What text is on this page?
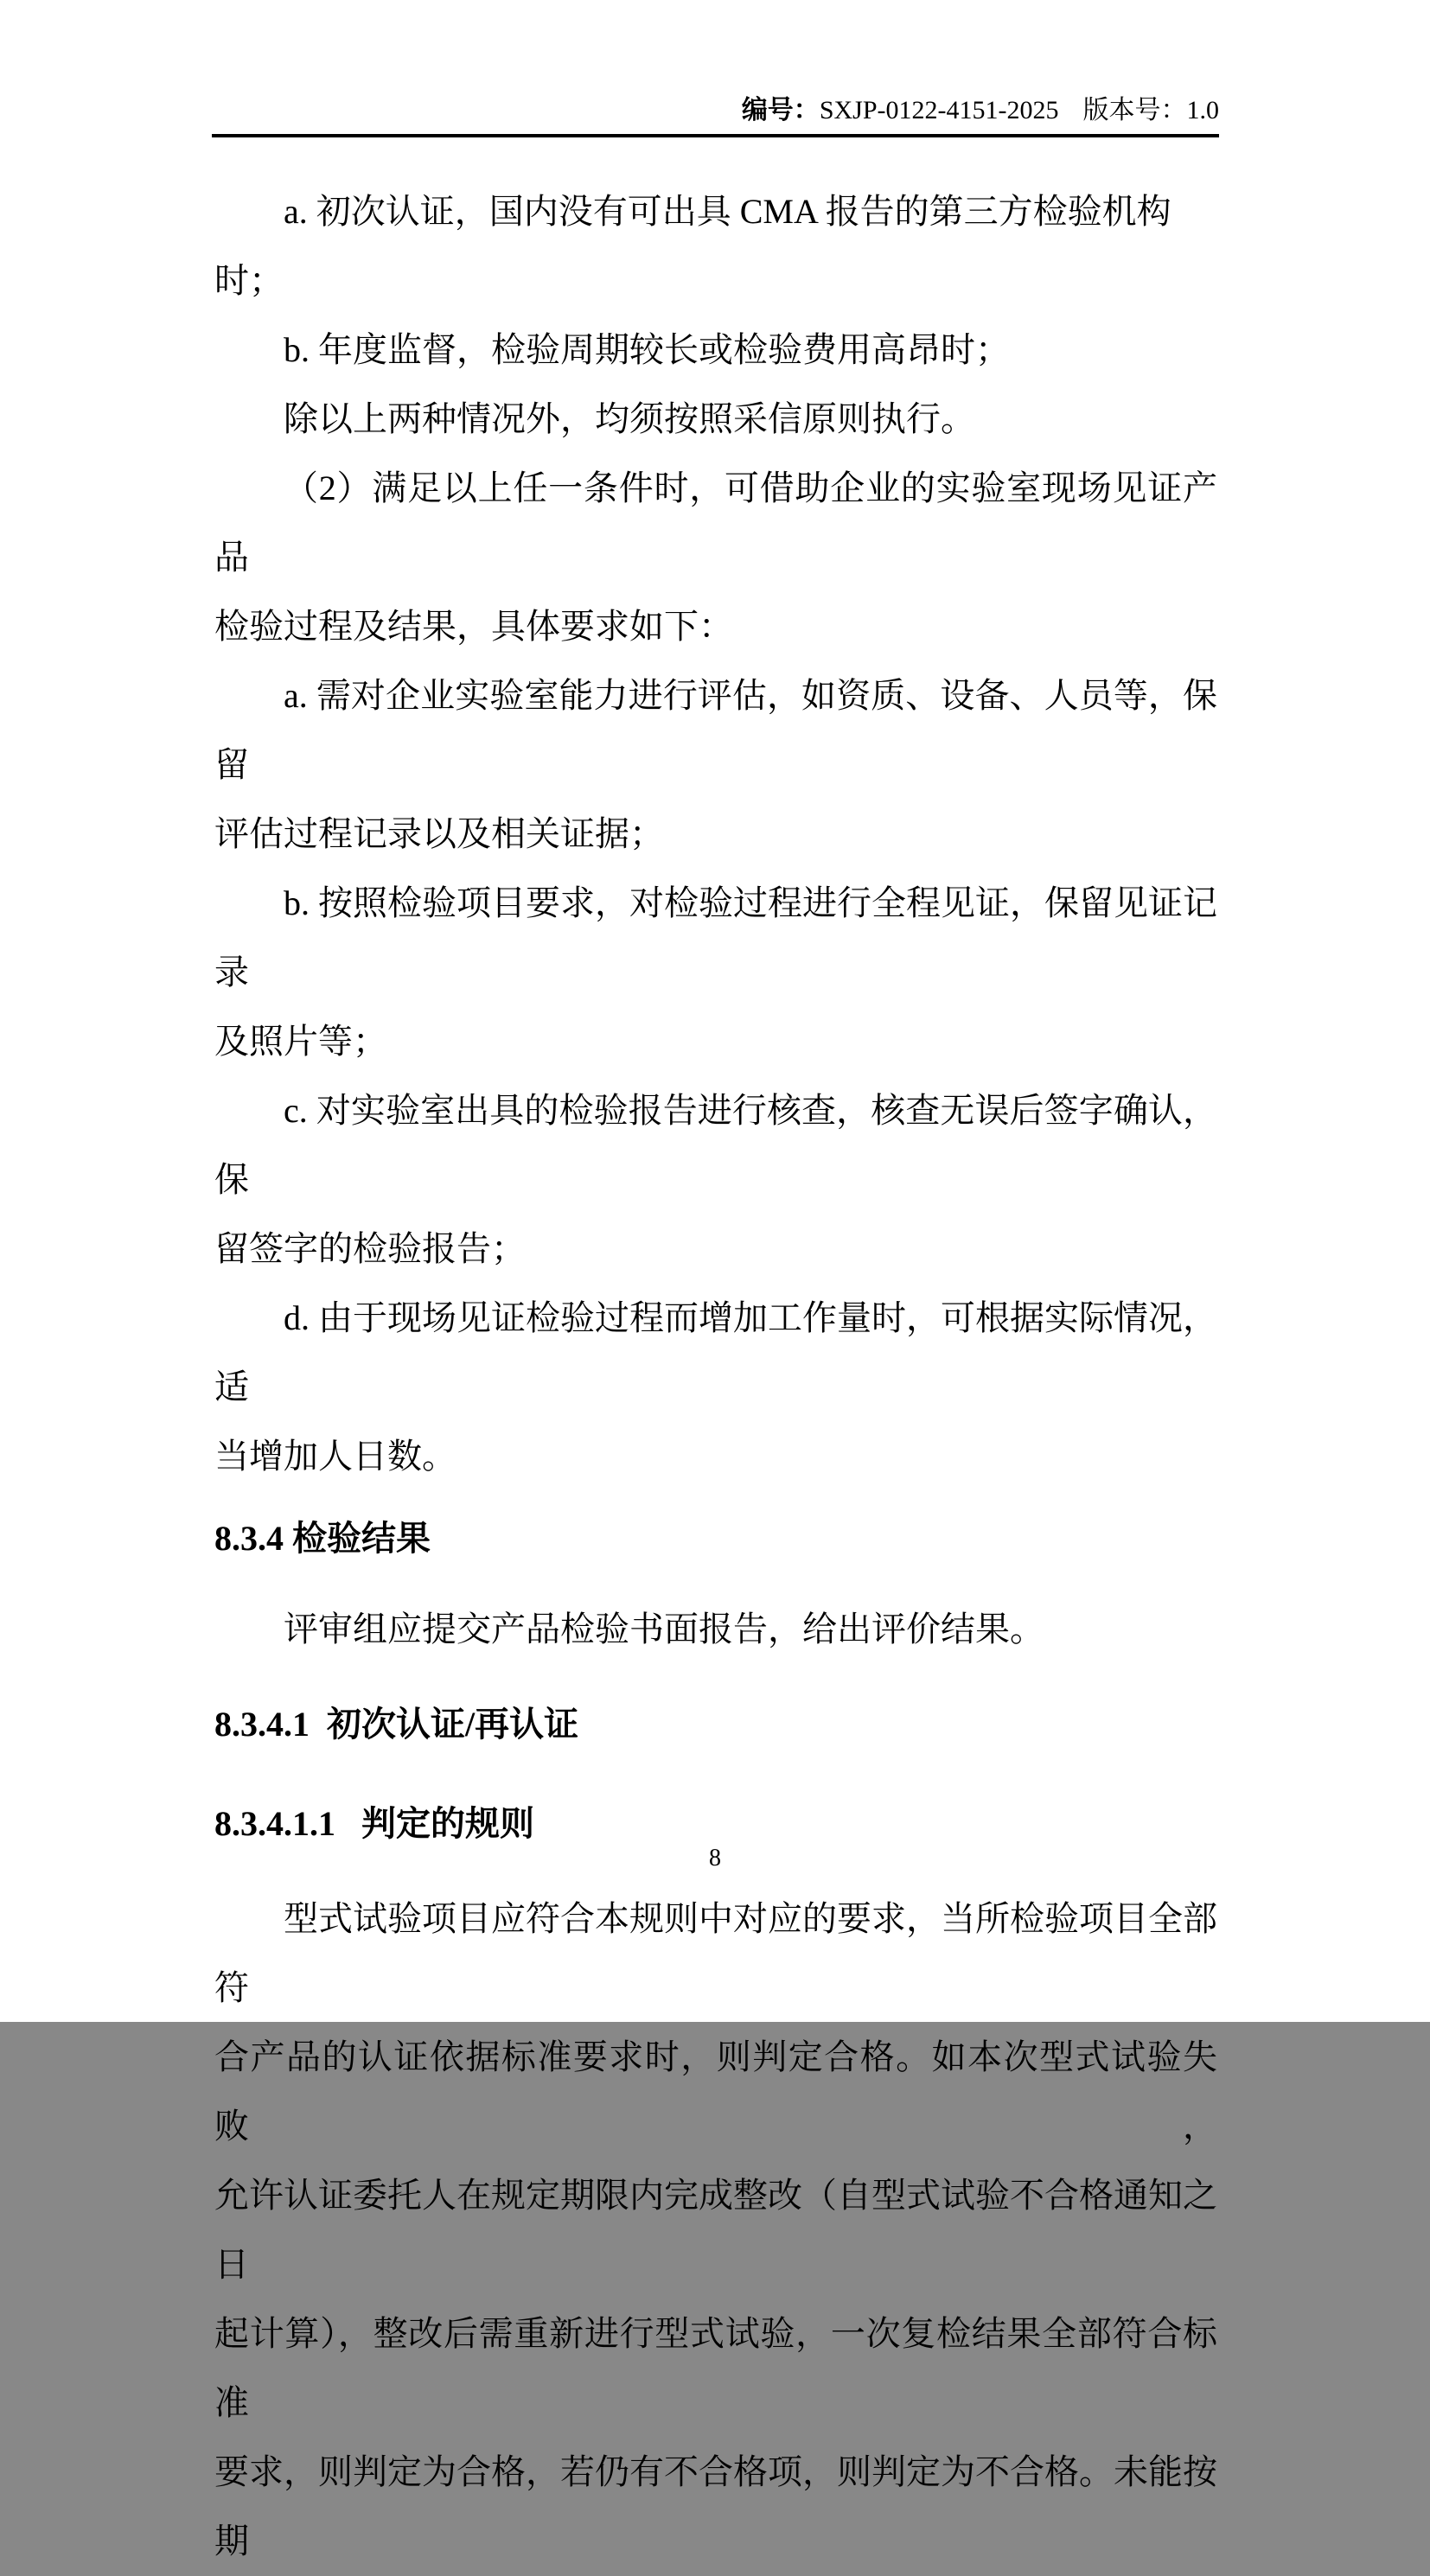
编号：SXJP-0122-4151-2025 版本号：1.0
a. 初次认证，国内没有可出具 CMA 报告的第三方检验机构时；
b. 年度监督，检验周期较长或检验费用高昂时；
除以上两种情况外，均须按照采信原则执行。
（2）满足以上任一条件时，可借助企业的实验室现场见证产品
检验过程及结果，具体要求如下：
a. 需对企业实验室能力进行评估，如资质、设备、人员等，保留
评估过程记录以及相关证据；
b. 按照检验项目要求，对检验过程进行全程见证，保留见证记录
及照片等；
c. 对实验室出具的检验报告进行核查，核查无误后签字确认，保
留签字的检验报告；
d. 由于现场见证检验过程而增加工作量时，可根据实际情况，适
当增加人日数。
8.3.4 检验结果
评审组应提交产品检验书面报告，给出评价结果。
8.3.4.1  初次认证/再认证
8.3.4.1.1   判定的规则
型式试验项目应符合本规则中对应的要求，当所检验项目全部符
合产品的认证依据标准要求时，则判定合格。如本次型式试验失败，
允许认证委托人在规定期限内完成整改（自型式试验不合格通知之日
起计算），整改后需重新进行型式试验，一次复检结果全部符合标准
要求，则判定为合格，若仍有不合格项，则判定为不合格。未能按期
8
